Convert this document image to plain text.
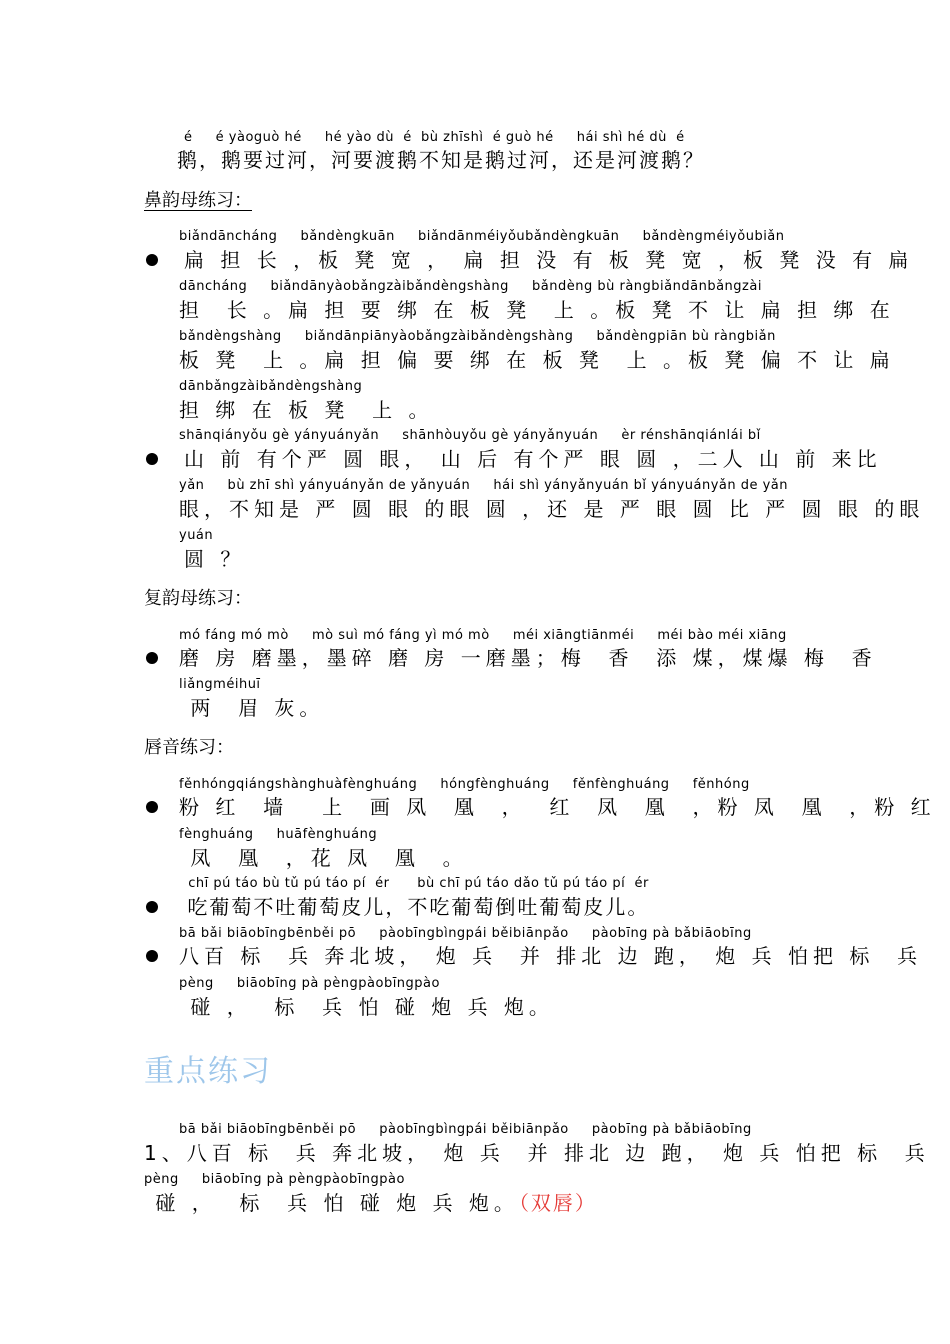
é     é yàoguò hé     hé yào dù  é  bù zhīshì  é guò hé     hái shì hé dù  é
鹅，鹅要过河，河要渡鹅不知是鹅过河，还是河渡鹅？
鼻韵母练习：
biǎndāncháng     bǎndèngkuān     biǎndānméiyǒubǎndèngkuān     bǎndèngméiyǒubiǎn
扁 担 长 ，板 凳 宽 ， 扁 担 没 有 板 凳 宽 ，板 凳 没 有 扁
dāncháng     biǎndānyàobǎngzàibǎndèngshàng     bǎndèng bù ràngbiǎndānbǎngzài
担  长 。扁 担 要 绑 在 板 凳  上 。板 凳 不 让 扁 担 绑 在
bǎndèngshàng     biǎndānpiānyàobǎngzàibǎndèngshàng     bǎndèngpiān bù ràngbiǎn
板 凳  上 。扁 担 偏 要 绑 在 板 凳  上 。板 凳 偏 不 让 扁
dānbǎngzàibǎndèngshàng
担 绑 在 板 凳  上 。
shānqiányǒu gè yányuányǎn     shānhòuyǒu gè yányǎnyuán     èr rénshānqiánlái bǐ
山 前 有个严 圆 眼， 山 后 有个严 眼 圆 ，二人 山 前 来比
yǎn     bù zhī shì yányuányǎn de yǎnyuán     hái shì yányǎnyuán bǐ yányuányǎn de yǎn
眼，不知是 严 圆 眼 的眼 圆 ，还 是 严 眼 圆 比 严 圆 眼 的眼
yuán
圆 ？
复韵母练习：
mó fáng mó mò     mò suì mó fáng yì mó mò     méi xiāngtiānméi     méi bào méi xiāng
磨 房 磨墨，墨碎 磨 房 一磨墨；梅  香  添 煤，煤爆 梅  香
liǎngméihuī
两  眉 灰。
唇音练习：
fěnhóngqiángshànghuàfènghuáng     hóngfènghuáng     fěnfènghuáng     fěnhóng
粉 红  墙   上  画 凤  凰  ，  红  凤  凰  ，粉 凤  凰  ，粉 红
fènghuáng     huāfènghuáng
凤  凰  ，花 凤  凰  。
chī pú táo bù tǔ pú táo pí  ér      bù chī pú táo dǎo tǔ pú táo pí  ér
吃葡萄不吐葡萄皮儿，不吃葡萄倒吐葡萄皮儿。
bā bǎi biāobīngbēnběi pō     pàobīngbìngpái běibiānpǎo     pàobīng pà bǎbiāobīng
八百 标  兵 奔北坡， 炮 兵  并 排北 边 跑， 炮 兵 怕把 标  兵
pèng     biāobīng pà pèngpàobīngpào
碰 ，  标  兵 怕 碰 炮 兵 炮。
重点练习
bā bǎi biāobīngbēnběi pō     pàobīngbìngpái běibiānpǎo     pàobīng pà bǎbiāobīng
1、八百 标  兵 奔北坡， 炮 兵  并 排北 边 跑， 炮 兵 怕把 标  兵
pèng     biāobīng pà pèngpàobīngpào
碰 ，  标  兵 怕 碰 炮 兵 炮。（双唇）
